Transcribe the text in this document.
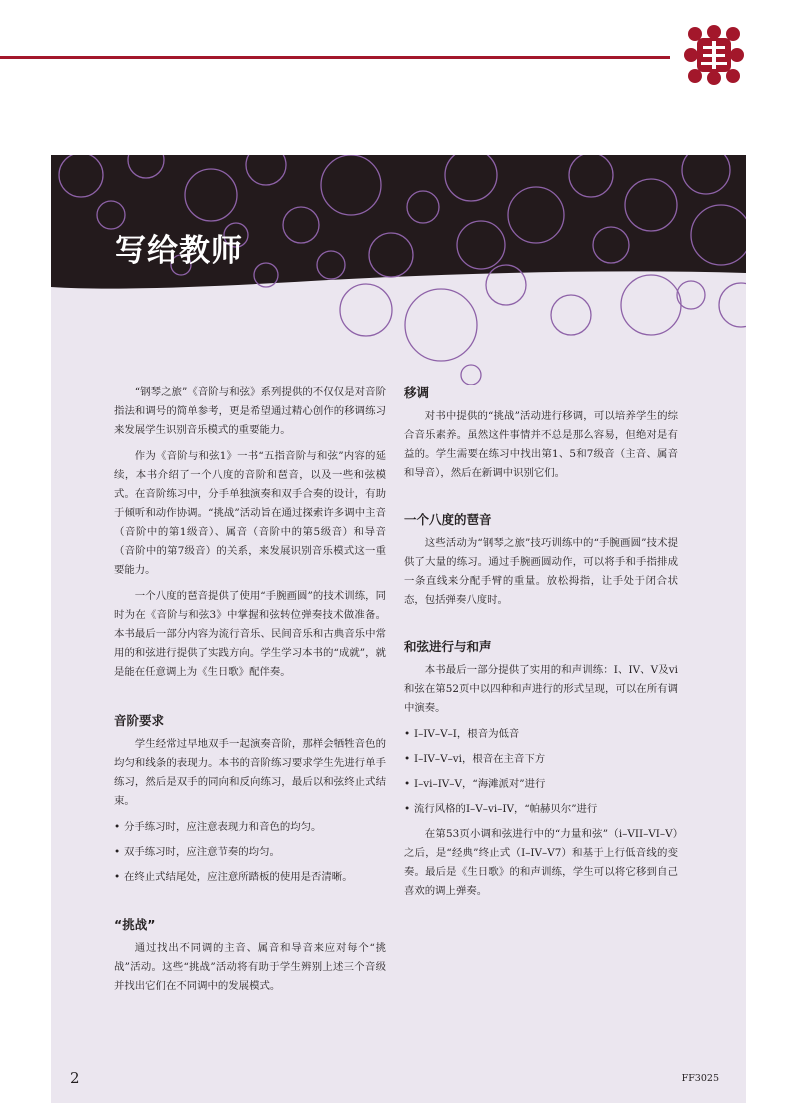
写给教师

“钢琴之旅”《音阶与和弦》系列提供的不仅仅是对音阶指法和调号的简单参考，更是希望通过精心创作的移调练习来发展学生识别音乐模式的重要能力。

作为《音阶与和弦1》一书“五指音阶与和弦”内容的延续，本书介绍了一个八度的音阶和琶音，以及一些和弦模式。在音阶练习中，分手单独演奏和双手合奏的设计，有助于倾听和动作协调。“挑战”活动旨在通过探索许多调中主音（音阶中的第1级音）、属音（音阶中的第5级音）和导音（音阶中的第7级音）的关系，来发展识别音乐模式这一重要能力。

一个八度的琶音提供了使用“手腕画圆”的技术训练，同时为在《音阶与和弦3》中掌握和弦转位弹奏技术做准备。本书最后一部分内容为流行音乐、民间音乐和古典音乐中常用的和弦进行提供了实践方向。学生学习本书的“成就”，就是能在任意调上为《生日歌》配伴奏。

音阶要求

学生经常过早地双手一起演奏音阶，那样会牺牲音色的均匀和线条的表现力。本书的音阶练习要求学生先进行单手练习，然后是双手的同向和反向练习，最后以和弦终止式结束。

• 分手练习时，应注意表现力和音色的均匀。
• 双手练习时，应注意节奏的均匀。
• 在终止式结尾处，应注意所踏板的使用是否清晰。
“挑战”

通过找出不同调的主音、属音和导音来应对每个“挑战”活动。这些“挑战”活动将有助于学生辨别上述三个音级并找出它们在不同调中的发展模式。

移调

对书中提供的“挑战”活动进行移调，可以培养学生的综合音乐素养。虽然这件事情并不总是那么容易，但绝对是有益的。学生需要在练习中找出第1、5和7级音（主音、属音和导音），然后在新调中识别它们。

一个八度的琶音

这些活动为“钢琴之旅”技巧训练中的“手腕画圆”技术提供了大量的练习。通过手腕画圆动作，可以将手和手指排成一条直线来分配手臂的重量。放松拇指，让手处于闭合状态，包括弹奏八度时。

和弦进行与和声

本书最后一部分提供了实用的和声训练：I、IV、V及vi和弦在第52页中以四种和声进行的形式呈现，可以在所有调中演奏。

• I–IV–V–I，根音为低音
• I–IV–V–vi，根音在主音下方
• I–vi–IV–V，“海滩派对”进行
• 流行风格的I–V–vi–IV，“帕赫贝尔”进行

在第53页小调和弦进行中的“力量和弦”（i–VII–VI–V）之后，是“经典”终止式（I–IV–V7）和基于上行低音线的变奏。最后是《生日歌》的和声训练，学生可以将它移到自己喜欢的调上弹奏。

2	FF3025
